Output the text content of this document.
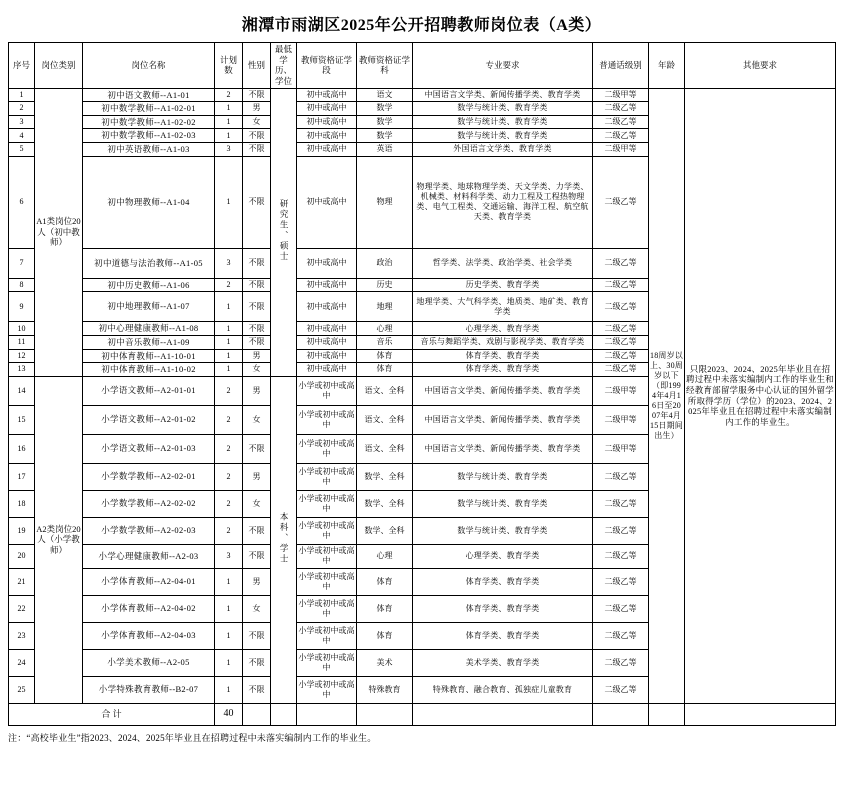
湘潭市雨湖区2025年公开招聘教师岗位表（A类）
序号	岗位类别	岗位名称	计划数	性别	最低学历、学位	教师资格证学段	教师资格证学科	专业要求	普通话级别	年龄	其他要求
1	A1类岗位20人（初中教师）	初中语文教师--A1-01	2	不限	研究生、硕士	初中或高中	语文	中国语言文学类、新闻传播学类、教育学类	二级甲等	18周岁以上、30周岁以下（即1994年4月16日至2007年4月15日期间出生）	只限2023、2024、2025年毕业且在招聘过程中未落实编制内工作的毕业生和经教育部留学服务中心认证的国外留学所取得学历（学位）的2023、2024、2025年毕业且在招聘过程中未落实编制内工作的毕业生。
2		初中数学教师--A1-02-01	1	男		初中或高中	数学	数学与统计类、教育学类	二级乙等		
3		初中数学教师--A1-02-02	1	女		初中或高中	数学	数学与统计类、教育学类	二级乙等		
4		初中数学教师--A1-02-03	1	不限		初中或高中	数学	数学与统计类、教育学类	二级乙等		
5		初中英语教师--A1-03	3	不限		初中或高中	英语	外国语言文学类、教育学类	二级甲等		
6		初中物理教师--A1-04	1	不限		初中或高中	物理	物理学类、地球物理学类、天文学类、力学类、机械类、材料科学类、动力工程及工程热物理类、电气工程类、交通运输、海洋工程、航空航天类、教育学类	二级乙等		
7		初中道德与法治教师--A1-05	3	不限		初中或高中	政治	哲学类、法学类、政治学类、社会学类	二级乙等		
8		初中历史教师--A1-06	2	不限		初中或高中	历史	历史学类、教育学类	二级乙等		
9		初中地理教师--A1-07	1	不限		初中或高中	地理	地理学类、大气科学类、地质类、地矿类、教育学类	二级乙等		
10		初中心理健康教师--A1-08	1	不限		初中或高中	心理	心理学类、教育学类	二级乙等		
11		初中音乐教师--A1-09	1	不限		初中或高中	音乐	音乐与舞蹈学类、戏剧与影视学类、教育学类	二级乙等		
12		初中体育教师--A1-10-01	1	男		初中或高中	体育	体育学类、教育学类	二级乙等		
13		初中体育教师--A1-10-02	1	女		初中或高中	体育	体育学类、教育学类	二级乙等		
14	A2类岗位20人（小学教师）	小学语文教师--A2-01-01	2	男	本科、学士	小学或初中或高中	语文、全科	中国语言文学类、新闻传播学类、教育学类	二级甲等		
15		小学语文教师--A2-01-02	2	女		小学或初中或高中	语文、全科	中国语言文学类、新闻传播学类、教育学类	二级甲等		
16		小学语文教师--A2-01-03	2	不限		小学或初中或高中	语文、全科	中国语言文学类、新闻传播学类、教育学类	二级甲等		
17		小学数学教师--A2-02-01	2	男		小学或初中或高中	数学、全科	数学与统计类、教育学类	二级乙等		
18		小学数学教师--A2-02-02	2	女		小学或初中或高中	数学、全科	数学与统计类、教育学类	二级乙等		
19		小学数学教师--A2-02-03	2	不限		小学或初中或高中	数学、全科	数学与统计类、教育学类	二级乙等		
20		小学心理健康教师--A2-03	3	不限		小学或初中或高中	心理	心理学类、教育学类	二级乙等		
21		小学体育教师--A2-04-01	1	男		小学或初中或高中	体育	体育学类、教育学类	二级乙等		
22		小学体育教师--A2-04-02	1	女		小学或初中或高中	体育	体育学类、教育学类	二级乙等		
23		小学体育教师--A2-04-03	1	不限		小学或初中或高中	体育	体育学类、教育学类	二级乙等		
24		小学美术教师--A2-05	1	不限		小学或初中或高中	美术	美术学类、教育学类	二级乙等		
25		小学特殊教育教师--B2-07	1	不限		小学或初中或高中	特殊教育	特殊教育、融合教育、孤独症儿童教育	二级乙等		
合 计			40								
注：“高校毕业生”指2023、2024、2025年毕业且在招聘过程中未落实编制内工作的毕业生。
